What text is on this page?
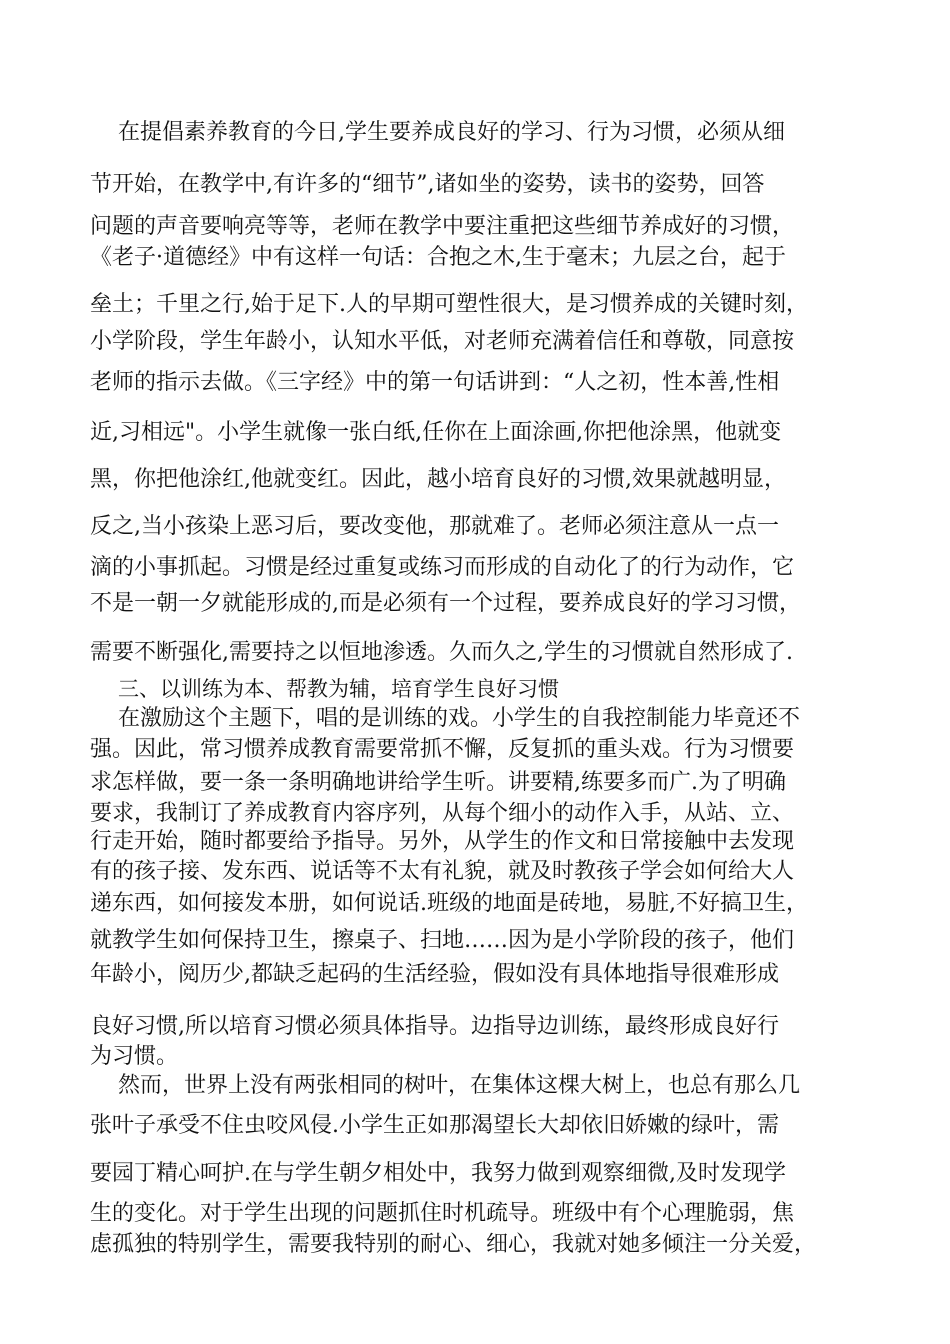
在提倡素养教育的今日,学生要养成良好的学习、行为习惯，必须从细
节开始，在教学中,有许多的“细节”,诸如坐的姿势，读书的姿势，回答
问题的声音要响亮等等，老师在教学中要注重把这些细节养成好的习惯，
《老子·道德经》中有这样一句话：合抱之木,生于毫末；九层之台，起于
垒土；千里之行,始于足下.人的早期可塑性很大，是习惯养成的关键时刻，
小学阶段，学生年龄小，认知水平低，对老师充满着信任和尊敬，同意按
老师的指示去做。《三字经》中的第一句话讲到：“人之初，性本善,性相
近,习相远"。小学生就像一张白纸,任你在上面涂画,你把他涂黑，他就变
黑，你把他涂红,他就变红。因此，越小培育良好的习惯,效果就越明显，
反之,当小孩染上恶习后，要改变他，那就难了。老师必须注意从一点一
滴的小事抓起。习惯是经过重复或练习而形成的自动化了的行为动作，它
不是一朝一夕就能形成的,而是必须有一个过程，要养成良好的学习习惯，
需要不断强化,需要持之以恒地渗透。久而久之,学生的习惯就自然形成了.
三、以训练为本、帮教为辅，培育学生良好习惯
在激励这个主题下，唱的是训练的戏。小学生的自我控制能力毕竟还不
强。因此，常习惯养成教育需要常抓不懈，反复抓的重头戏。行为习惯要
求怎样做，要一条一条明确地讲给学生听。讲要精,练要多而广.为了明确
要求，我制订了养成教育内容序列，从每个细小的动作入手，从站、立、
行走开始，随时都要给予指导。另外，从学生的作文和日常接触中去发现
有的孩子接、发东西、说话等不太有礼貌，就及时教孩子学会如何给大人
递东西，如何接发本册，如何说话.班级的地面是砖地，易脏,不好搞卫生，
就教学生如何保持卫生，擦桌子、扫地……因为是小学阶段的孩子，他们
年龄小，阅历少,都缺乏起码的生活经验，假如没有具体地指导很难形成
良好习惯,所以培育习惯必须具体指导。边指导边训练，最终形成良好行
为习惯。
然而，世界上没有两张相同的树叶，在集体这棵大树上，也总有那么几
张叶子承受不住虫咬风侵.小学生正如那渴望长大却依旧娇嫩的绿叶，需
要园丁精心呵护.在与学生朝夕相处中，我努力做到观察细微,及时发现学
生的变化。对于学生出现的问题抓住时机疏导。班级中有个心理脆弱，焦
虑孤独的特别学生，需要我特别的耐心、细心，我就对她多倾注一分关爱，
